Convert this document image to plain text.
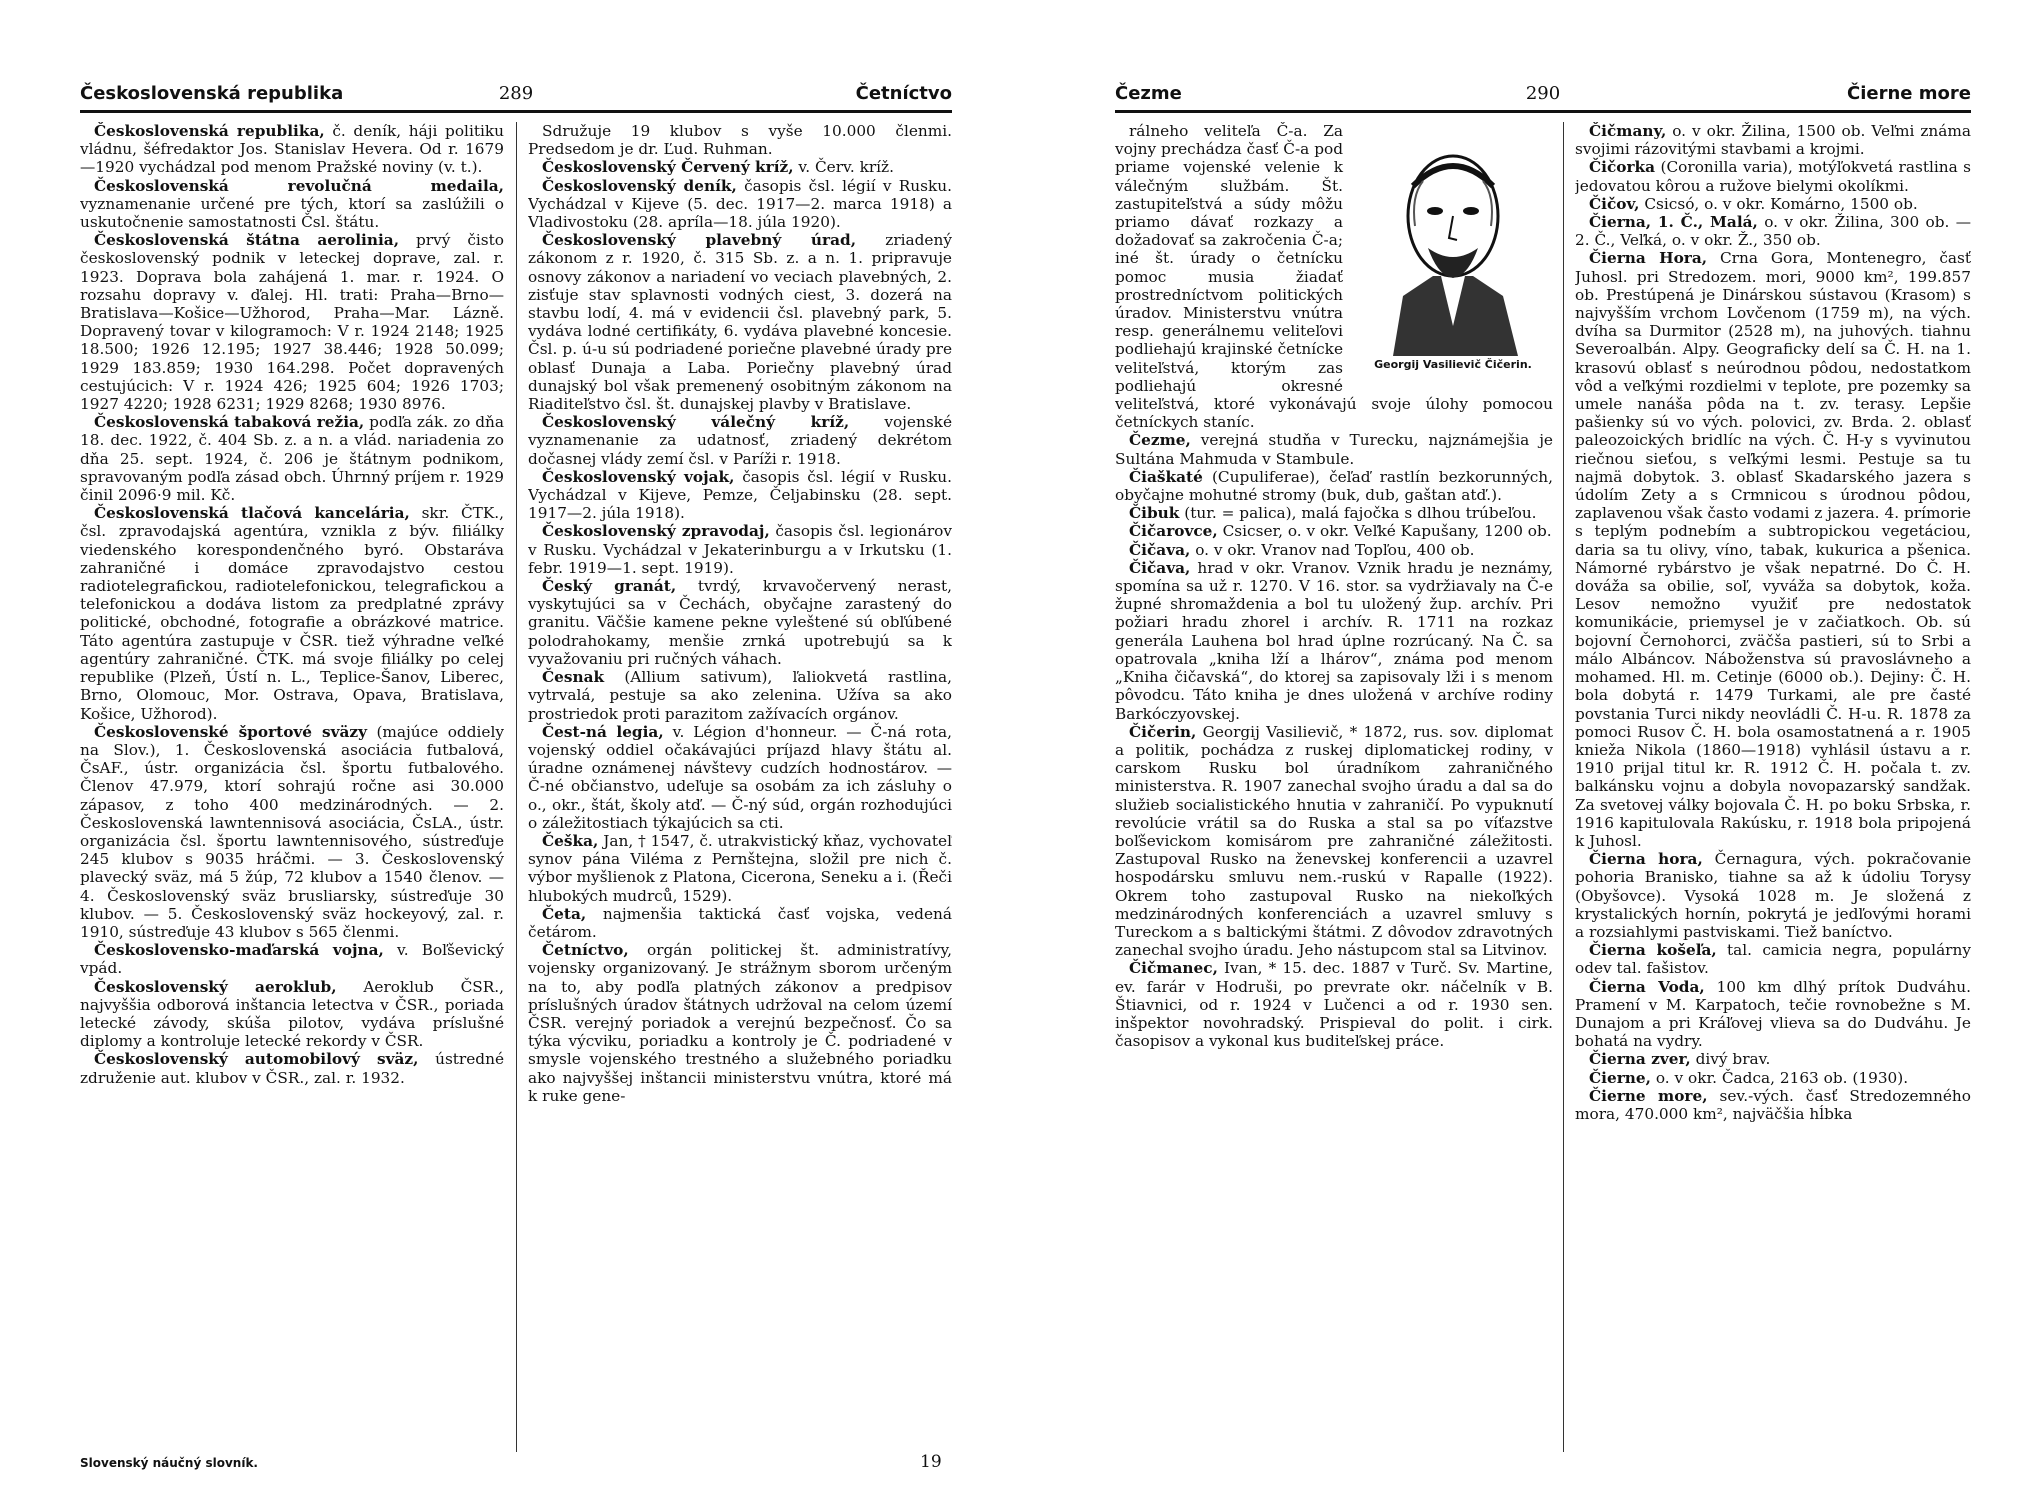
Československá republika	289	Četníctvo

Československá republika, č. deník, háji politiku vládnu, šéfredaktor Jos. Stanislav Hevera. Od r. 1679—1920 vychádzal pod menom Pražské noviny (v. t.).

Československá revolučná medaila, vyznamenanie určené pre tých, ktorí sa zaslúžili o uskutočnenie samostatnosti Čsl. štátu.

Československá štátna aerolinia, prvý čisto československý podnik v leteckej doprave, zal. r. 1923. Doprava bola zahájená 1. mar. r. 1924. O rozsahu dopravy v. ďalej. Hl. trati: Praha—Brno—Bratislava—Košice—Užhorod, Praha—Mar. Lázně. Dopravený tovar v kilogramoch: V r. 1924 2148; 1925 18.500; 1926 12.195; 1927 38.446; 1928 50.099; 1929 183.859; 1930 164.298. Počet dopravených cestujúcich: V r. 1924 426; 1925 604; 1926 1703; 1927 4220; 1928 6231; 1929 8268; 1930 8976.

Československá tabaková režia, podľa zák. zo dňa 18. dec. 1922, č. 404 Sb. z. a n. a vlád. nariadenia zo dňa 25. sept. 1924, č. 206 je štátnym podnikom, spravovaným podľa zásad obch. Úhrnný príjem r. 1929 činil 2096·9 mil. Kč.

Československá tlačová kancelária, skr. ČTK., čsl. zpravodajská agentúra, vznikla z býv. filiálky viedenského korespondenčného byró. Obstaráva zahraničné i domáce zpravodajstvo cestou radiotelegrafickou, radiotelefonickou, telegrafickou a telefonickou a dodáva listom za predplatné zprávy politické, obchodné, fotografie a obrázkové matrice. Táto agentúra zastupuje v ČSR. tiež výhradne veľké agentúry zahraničné. ČTK. má svoje filiálky po celej republike (Plzeň, Ústí n. L., Teplice-Šanov, Liberec, Brno, Olomouc, Mor. Ostrava, Opava, Bratislava, Košice, Užhorod).

Československé športové sväzy (majúce oddiely na Slov.), 1. Československá asociácia futbalová, ČsAF., ústr. organizácia čsl. športu futbalového. Členov 47.979, ktorí sohrajú ročne asi 30.000 zápasov, z toho 400 medzinárodných. — 2. Československá lawntennisová asociácia, ČsLA., ústr. organizácia čsl. športu lawntennisového, sústreďuje 245 klubov s 9035 hráčmi. — 3. Československý plavecký sväz, má 5 žúp, 72 klubov a 1540 členov. — 4. Československý sväz brusliarsky, sústreďuje 30 klubov. — 5. Československý sväz hockeyový, zal. r. 1910, sústreďuje 43 klubov s 565 členmi.

Československo-maďarská vojna, v. Boľševický vpád.

Československý aeroklub, Aeroklub ČSR., najvyššia odborová inštancia letectva v ČSR., poriada letecké závody, skúša pilotov, vydáva príslušné diplomy a kontroluje letecké rekordy v ČSR.

Československý automobilový sväz, ústredné združenie aut. klubov v ČSR., zal. r. 1932.

Sdružuje 19 klubov s vyše 10.000 členmi. Predsedom je dr. Ľud. Ruhman.

Československý Červený kríž, v. Červ. kríž.

Československý deník, časopis čsl. légií v Rusku. Vychádzal v Kijeve (5. dec. 1917—2. marca 1918) a Vladivostoku (28. apríla—18. júla 1920).

Československý plavebný úrad, zriadený zákonom z r. 1920, č. 315 Sb. z. a n. 1. pripravuje osnovy zákonov a nariadení vo veciach plavebných, 2. zisťuje stav splavnosti vodných ciest, 3. dozerá na stavbu lodí, 4. má v evidencii čsl. plavebný park, 5. vydáva lodné certifikáty, 6. vydáva plavebné koncesie. Čsl. p. ú-u sú podriadené poriečne plavebné úrady pre oblasť Dunaja a Laba. Poriečny plavebný úrad dunajský bol však premenený osobitným zákonom na Riaditeľstvo čsl. št. dunajskej plavby v Bratislave.

Československý válečný kríž, vojenské vyznamenanie za udatnosť, zriadený dekrétom dočasnej vlády zemí čsl. v Paríži r. 1918.

Československý vojak, časopis čsl. légií v Rusku. Vychádzal v Kijeve, Pemze, Čeljabinsku (28. sept. 1917—2. júla 1918).

Československý zpravodaj, časopis čsl. legionárov v Rusku. Vychádzal v Jekaterinburgu a v Irkutsku (1. febr. 1919—1. sept. 1919).

Český granát, tvrdý, krvavočervený nerast, vyskytujúci sa v Čechách, obyčajne zarastený do granitu. Väčšie kamene pekne vyleštené sú obľúbené polodrahokamy, menšie zrnká upotrebujú sa k vyvažovaniu pri ručných váhach.

Česnak (Allium sativum), ľaliokvetá rastlina, vytrvalá, pestuje sa ako zelenina. Užíva sa ako prostriedok proti parazitom zažívacích orgánov.

Čest-ná legia, v. Légion d'honneur. — Č-ná rota, vojenský oddiel očakávajúci príjazd hlavy štátu al. úradne oznámenej návštevy cudzích hodnostárov. — Č-né občianstvo, udeľuje sa osobám za ich zásluhy o o., okr., štát, školy atď. — Č-ný súd, orgán rozhodujúci o záležitostiach týkajúcich sa cti.

Češka, Jan, † 1547, č. utrakvistický kňaz, vychovateľ synov pána Viléma z Pernštejna, složil pre nich č. výbor myšlienok z Platona, Cicerona, Seneku a i. (Řeči hlubokých mudrců, 1529).

Četa, najmenšia taktická časť vojska, vedená četárom.

Četníctvo, orgán politickej št. administratívy, vojensky organizovaný. Je strážnym sborom určeným na to, aby podľa platných zákonov a predpisov príslušných úradov štátnych udržoval na celom území ČSR. verejný poriadok a verejnú bezpečnosť. Čo sa týka výcviku, poriadku a kontroly je Č. podriadené v smysle vojenského trestného a služebného poriadku ako najvyššej inštancii ministerstvu vnútra, ktoré má k ruke gene-

Slovenský náučný slovník.	19
Čezme	290	Čierne more
Georgij Vasilievič Čičerin.

rálneho veliteľa Č-a. Za vojny prechádza časť Č-a pod priame vojenské velenie k válečným službám. Št. zastupiteľstvá a súdy môžu priamo dávať rozkazy a dožadovať sa zakročenia Č-a; iné št. úrady o četnícku pomoc musia žiadať prostredníctvom politických úradov. Ministerstvu vnútra resp. generálnemu veliteľovi podliehajú krajinské četnícke veliteľstvá, ktorým zas podliehajú okresné veliteľstvá, ktoré vykonávajú svoje úlohy pomocou četníckych staníc.

Čezme, verejná studňa v Turecku, najznámejšia je Sultána Mahmuda v Stambule.

Čiaškaté (Cupuliferae), čeľaď rastlín bezkorunných, obyčajne mohutné stromy (buk, dub, gaštan atď.).

Čibuk (tur. = palica), malá fajočka s dlhou trúbeľou.

Čičarovce, Csicser, o. v okr. Veľké Kapušany, 1200 ob.

Čičava, o. v okr. Vranov nad Topľou, 400 ob.

Čičava, hrad v okr. Vranov. Vznik hradu je neznámy, spomína sa už r. 1270. V 16. stor. sa vydržiavaly na Č-e župné shromaždenia a bol tu uložený žup. archív. Pri požiari hradu zhorel i archív. R. 1711 na rozkaz generála Lauhena bol hrad úplne rozrúcaný. Na Č. sa opatrovala „kniha lží a lhárov“, známa pod menom „Kniha čičavská“, do ktorej sa zapisovaly lži i s menom pôvodcu. Táto kniha je dnes uložená v archíve rodiny Barkóczyovskej.

Čičerin, Georgij Vasilievič, * 1872, rus. sov. diplomat a politik, pochádza z ruskej diplomatickej rodiny, v carskom Rusku bol úradníkom zahraničného ministerstva. R. 1907 zanechal svojho úradu a dal sa do služieb socialistického hnutia v zahraničí. Po vypuknutí revolúcie vrátil sa do Ruska a stal sa po víťazstve boľševickom komisárom pre zahraničné záležitosti. Zastupoval Rusko na ženevskej konferencii a uzavrel hospodársku smluvu nem.-ruskú v Rapalle (1922). Okrem toho zastupoval Rusko na niekoľkých medzinárodných konferenciách a uzavrel smluvy s Tureckom a s baltickými štátmi. Z dôvodov zdravotných zanechal svojho úradu. Jeho nástupcom stal sa Litvinov.

Čičmanec, Ivan, * 15. dec. 1887 v Turč. Sv. Martine, ev. farár v Hodruši, po prevrate okr. náčelník v B. Štiavnici, od r. 1924 v Lučenci a od r. 1930 sen. inšpektor novohradský. Prispieval do polit. i cirk. časopisov a vykonal kus buditeľskej práce.

Čičmany, o. v okr. Žilina, 1500 ob. Veľmi známa svojimi rázovitými stavbami a krojmi.

Čičorka (Coronilla varia), motýľokvetá rastlina s jedovatou kôrou a ružove bielymi okolíkmi.

Čičov, Csicsó, o. v okr. Komárno, 1500 ob.

Čierna, 1. Č., Malá, o. v okr. Žilina, 300 ob. — 2. Č., Veľká, o. v okr. Ž., 350 ob.

Čierna Hora, Crna Gora, Montenegro, časť Juhosl. pri Stredozem. mori, 9000 km², 199.857 ob. Prestúpená je Dinárskou sústavou (Krasom) s najvyšším vrchom Lovčenom (1759 m), na vých. dvíha sa Durmitor (2528 m), na juhových. tiahnu Severoalbán. Alpy. Geograficky delí sa Č. H. na 1. krasovú oblasť s neúrodnou pôdou, nedostatkom vôd a veľkými rozdielmi v teplote, pre pozemky sa umele nanáša pôda na t. zv. terasy. Lepšie pašienky sú vo vých. polovici, zv. Brda. 2. oblasť paleozoických bridlíc na vých. Č. H-y s vyvinutou riečnou sieťou, s veľkými lesmi. Pestuje sa tu najmä dobytok. 3. oblasť Skadarského jazera s údolím Zety a s Crmnicou s úrodnou pôdou, zaplavenou však často vodami z jazera. 4. prímorie s teplým podnebím a subtropickou vegetáciou, daria sa tu olivy, víno, tabak, kukurica a pšenica. Námorné rybárstvo je však nepatrné. Do Č. H. dováža sa obilie, soľ, vyváža sa dobytok, koža. Lesov nemožno využiť pre nedostatok komunikácie, priemysel je v začiatkoch. Ob. sú bojovní Černohorci, zväčša pastieri, sú to Srbi a málo Albáncov. Náboženstva sú pravoslávneho a mohamed. Hl. m. Cetinje (6000 ob.). Dejiny: Č. H. bola dobytá r. 1479 Turkami, ale pre časté povstania Turci nikdy neovládli Č. H-u. R. 1878 za pomoci Rusov Č. H. bola osamostatnená a r. 1905 knieža Nikola (1860—1918) vyhlásil ústavu a r. 1910 prijal titul kr. R. 1912 Č. H. počala t. zv. balkánsku vojnu a dobyla novopazarský sandžak. Za svetovej války bojovala Č. H. po boku Srbska, r. 1916 kapitulovala Rakúsku, r. 1918 bola pripojená k Juhosl.

Čierna hora, Černagura, vých. pokračovanie pohoria Branisko, tiahne sa až k údoliu Torysy (Obyšovce). Vysoká 1028 m. Je složená z krystalických hornín, pokrytá je jedľovými horami a rozsiahlymi pastviskami. Tiež baníctvo.

Čierna košeľa, tal. camicia negra, populárny odev tal. fašistov.

Čierna Voda, 100 km dlhý prítok Dudváhu. Pramení v M. Karpatoch, tečie rovnobežne s M. Dunajom a pri Kráľovej vlieva sa do Dudváhu. Je bohatá na vydry.

Čierna zver, divý brav.

Čierne, o. v okr. Čadca, 2163 ob. (1930).

Čierne more, sev.-vých. časť Stredozemného mora, 470.000 km², najväčšia hĺbka
